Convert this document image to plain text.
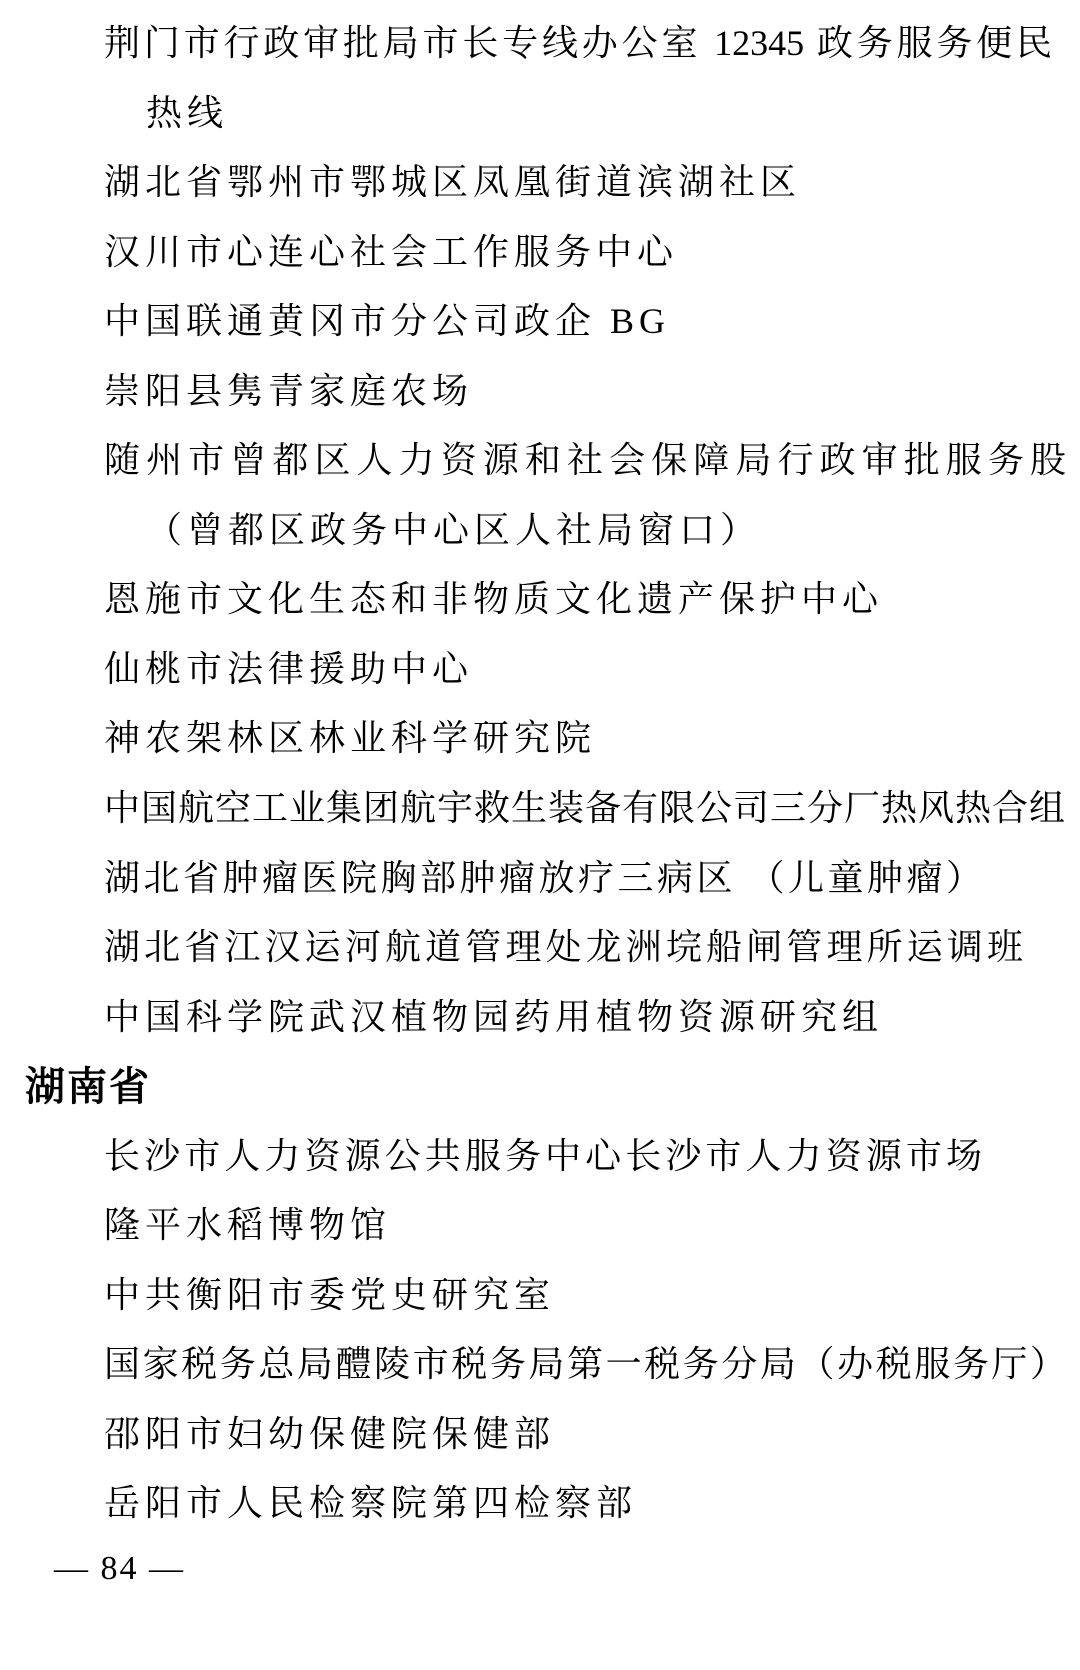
荆门市行政审批局市长专线办公室 12345 政务服务便民

热线

湖北省鄂州市鄂城区凤凰街道滨湖社区

汉川市心连心社会工作服务中心

中国联通黄冈市分公司政企 BG

崇阳县隽青家庭农场

随州市曾都区人力资源和社会保障局行政审批服务股

（曾都区政务中心区人社局窗口）

恩施市文化生态和非物质文化遗产保护中心

仙桃市法律援助中心

神农架林区林业科学研究院

中国航空工业集团航宇救生装备有限公司三分厂热风热合组

湖北省肿瘤医院胸部肿瘤放疗三病区 （儿童肿瘤）

湖北省江汉运河航道管理处龙洲垸船闸管理所运调班

中国科学院武汉植物园药用植物资源研究组

湖南省

长沙市人力资源公共服务中心长沙市人力资源市场

隆平水稻博物馆

中共衡阳市委党史研究室

国家税务总局醴陵市税务局第一税务分局（办税服务厅）

邵阳市妇幼保健院保健部

岳阳市人民检察院第四检察部

— 84 —
